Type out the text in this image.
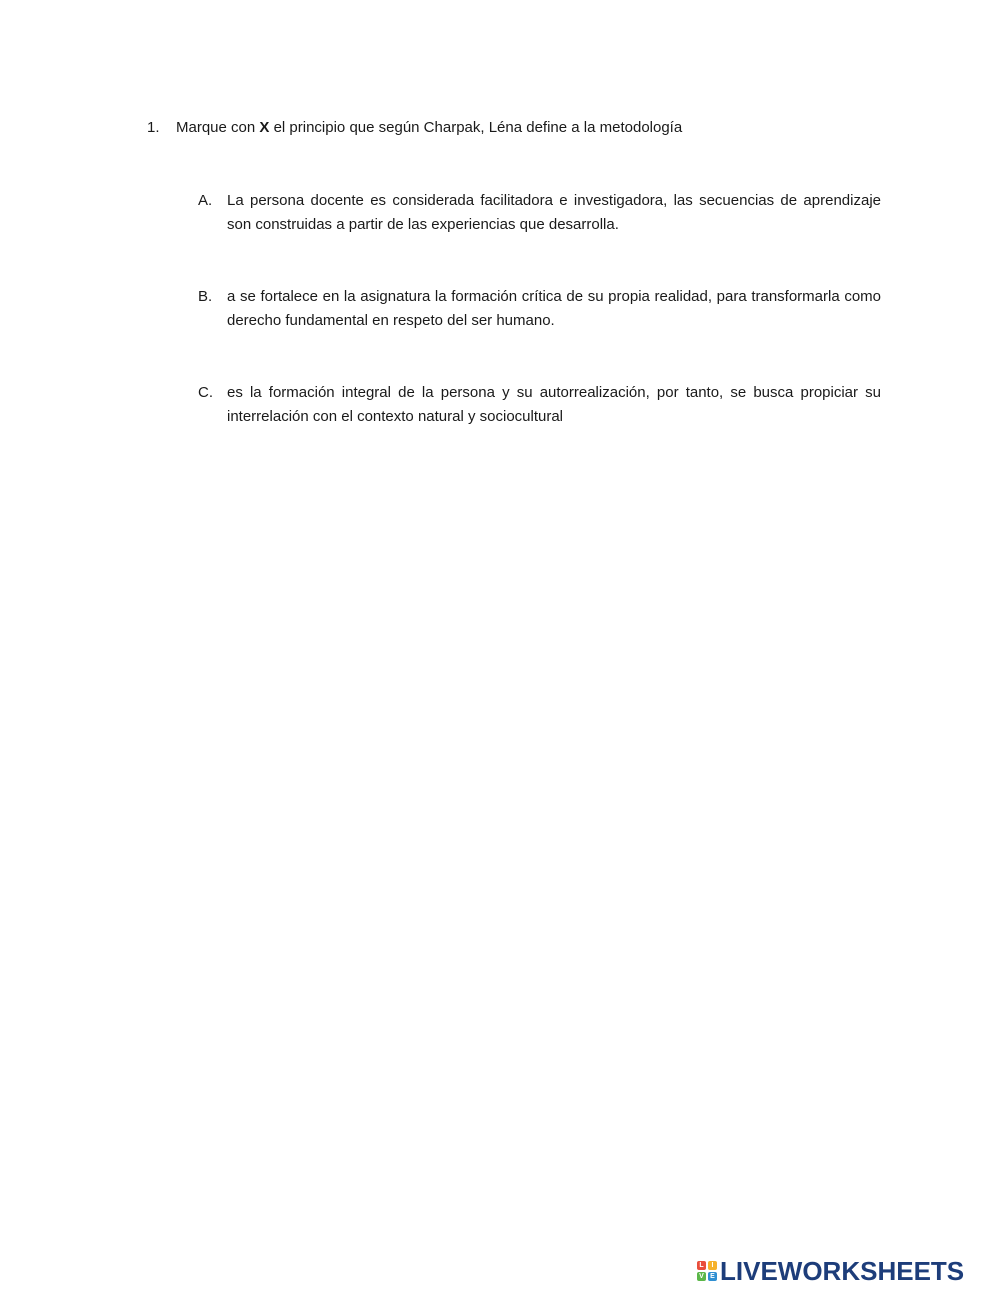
1. Marque con X el principio que según Charpak, Léna define a la metodología
A. La persona docente es considerada facilitadora e investigadora, las secuencias de aprendizaje son construidas a partir de las experiencias que desarrolla.
B. a se fortalece en la asignatura la formación crítica de su propia realidad, para transformarla como derecho fundamental en respeto del ser humano.
C. es la formación integral de la persona y su autorrealización, por tanto, se busca propiciar su interrelación con el contexto natural y sociocultural
L	I
V E LIVEWORKSHEETS
